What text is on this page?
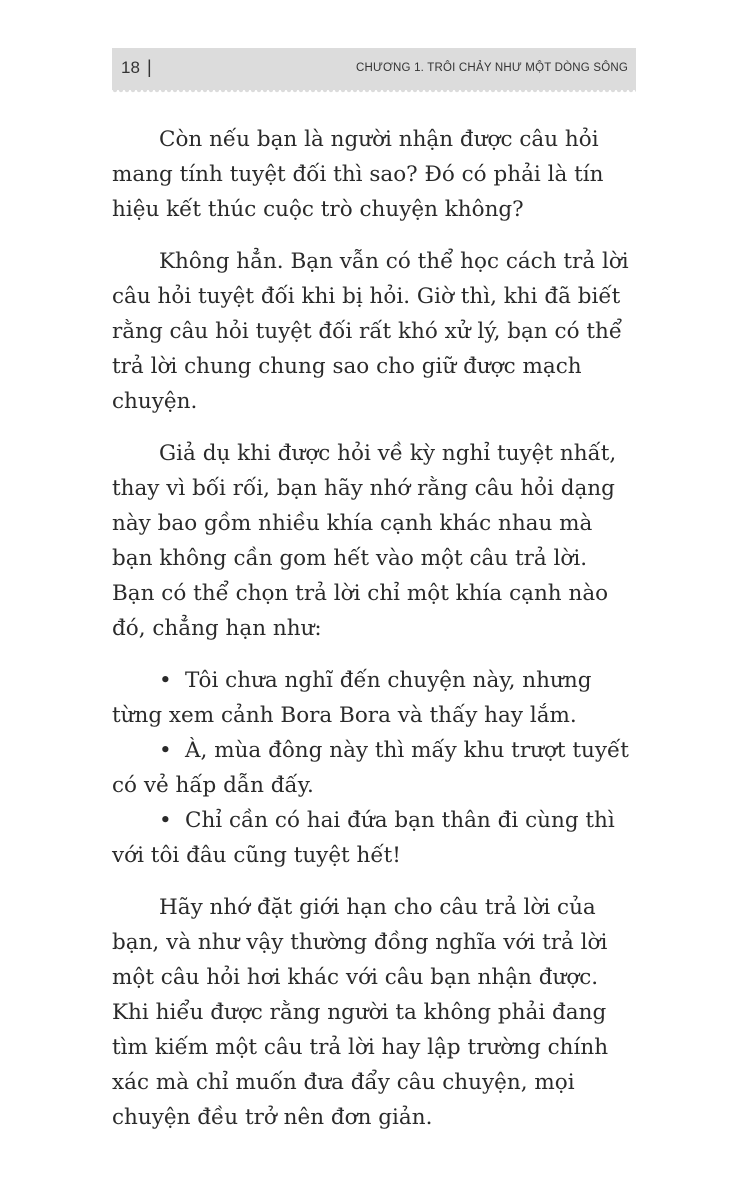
18 |	CHƯƠNG 1. TRÔI CHẢY NHƯ MỘT DÒNG SÔNG

Còn nếu bạn là người nhận được câu hỏi mang tính tuyệt đối thì sao? Đó có phải là tín hiệu kết thúc cuộc trò chuyện không?

Không hẳn. Bạn vẫn có thể học cách trả lời câu hỏi tuyệt đối khi bị hỏi. Giờ thì, khi đã biết rằng câu hỏi tuyệt đối rất khó xử lý, bạn có thể trả lời chung chung sao cho giữ được mạch chuyện.

Giả dụ khi được hỏi về kỳ nghỉ tuyệt nhất, thay vì bối rối, bạn hãy nhớ rằng câu hỏi dạng này bao gồm nhiều khía cạnh khác nhau mà bạn không cần gom hết vào một câu trả lời. Bạn có thể chọn trả lời chỉ một khía cạnh nào đó, chẳng hạn như:

• Tôi chưa nghĩ đến chuyện này, nhưng từng xem cảnh Bora Bora và thấy hay lắm.
• À, mùa đông này thì mấy khu trượt tuyết có vẻ hấp dẫn đấy.
• Chỉ cần có hai đứa bạn thân đi cùng thì với tôi đâu cũng tuyệt hết!

Hãy nhớ đặt giới hạn cho câu trả lời của bạn, và như vậy thường đồng nghĩa với trả lời một câu hỏi hơi khác với câu bạn nhận được. Khi hiểu được rằng người ta không phải đang tìm kiếm một câu trả lời hay lập trường chính xác mà chỉ muốn đưa đẩy câu chuyện, mọi chuyện đều trở nên đơn giản.
